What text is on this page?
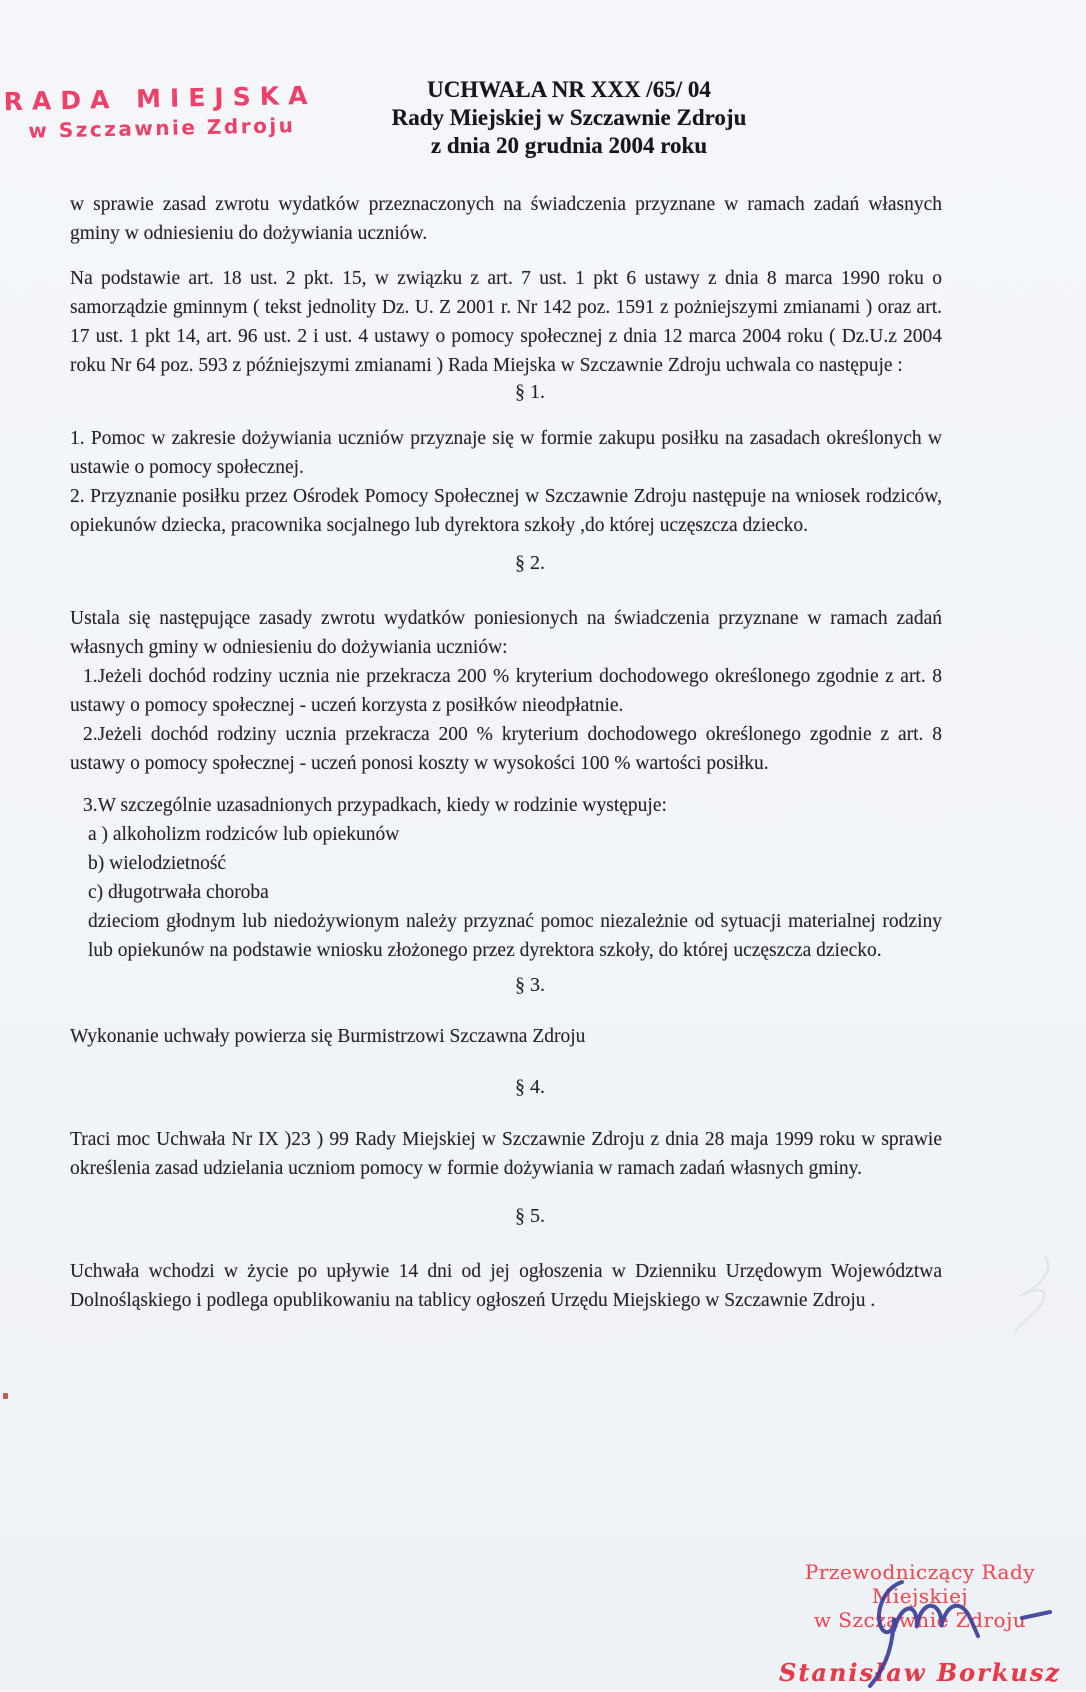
RADA MIEJSKA
w Szczawnie Zdroju
UCHWAŁA NR XXX /65/ 04
Rady Miejskiej w Szczawnie Zdroju
z dnia 20 grudnia 2004 roku
w sprawie zasad zwrotu wydatków przeznaczonych na świadczenia przyznane w ramach zadań własnych gminy w odniesieniu do dożywiania uczniów.
Na podstawie art. 18 ust. 2 pkt. 15, w związku z art. 7 ust. 1 pkt 6 ustawy z dnia 8 marca 1990 roku o samorządzie gminnym ( tekst jednolity Dz. U. Z 2001 r. Nr 142 poz. 1591 z pożniejszymi zmianami ) oraz art. 17 ust. 1 pkt 14, art. 96 ust. 2 i ust. 4 ustawy o pomocy społecznej z dnia 12 marca 2004 roku ( Dz.U.z 2004 roku Nr 64 poz. 593 z późniejszymi zmianami ) Rada Miejska w Szczawnie Zdroju uchwala co następuje :
§ 1.
1. Pomoc w zakresie dożywiania uczniów przyznaje się w formie zakupu posiłku na zasadach określonych w ustawie o pomocy społecznej.
2. Przyznanie posiłku przez Ośrodek Pomocy Społecznej w Szczawnie Zdroju następuje na wniosek rodziców, opiekunów dziecka, pracownika socjalnego lub dyrektora szkoły ,do której uczęszcza dziecko.
§ 2.
Ustala się następujące zasady zwrotu wydatków poniesionych na świadczenia przyznane w ramach zadań własnych gminy w odniesieniu do dożywiania uczniów:
1.Jeżeli dochód rodziny ucznia nie przekracza 200 % kryterium dochodowego określonego zgodnie z art. 8 ustawy o pomocy społecznej - uczeń korzysta z posiłków nieodpłatnie.
2.Jeżeli dochód rodziny ucznia przekracza 200 % kryterium dochodowego określonego zgodnie z art. 8 ustawy o pomocy społecznej - uczeń ponosi koszty w wysokości 100 % wartości posiłku.
3.W szczególnie uzasadnionych przypadkach, kiedy w rodzinie występuje:
a ) alkoholizm rodziców lub opiekunów
b) wielodzietność
c) długotrwała choroba
dzieciom głodnym lub niedożywionym należy przyznać pomoc niezależnie od sytuacji materialnej rodziny lub opiekunów na podstawie wniosku złożonego przez dyrektora szkoły, do której uczęszcza dziecko.
§ 3.
Wykonanie uchwały powierza się Burmistrzowi Szczawna Zdroju
§ 4.
Traci moc Uchwała Nr IX )23 ) 99 Rady Miejskiej w Szczawnie Zdroju z dnia 28 maja 1999 roku w sprawie określenia zasad udzielania uczniom pomocy w formie dożywiania w ramach zadań własnych gminy.
§ 5.
Uchwała wchodzi w życie po upływie 14 dni od jej ogłoszenia w Dzienniku Urzędowym Województwa Dolnośląskiego i podlega opublikowaniu na tablicy ogłoszeń Urzędu Miejskiego w Szczawnie Zdroju .
Przewodniczący Rady Miejskiej
w Szczawnie Zdroju
Stanisław Borkusz
